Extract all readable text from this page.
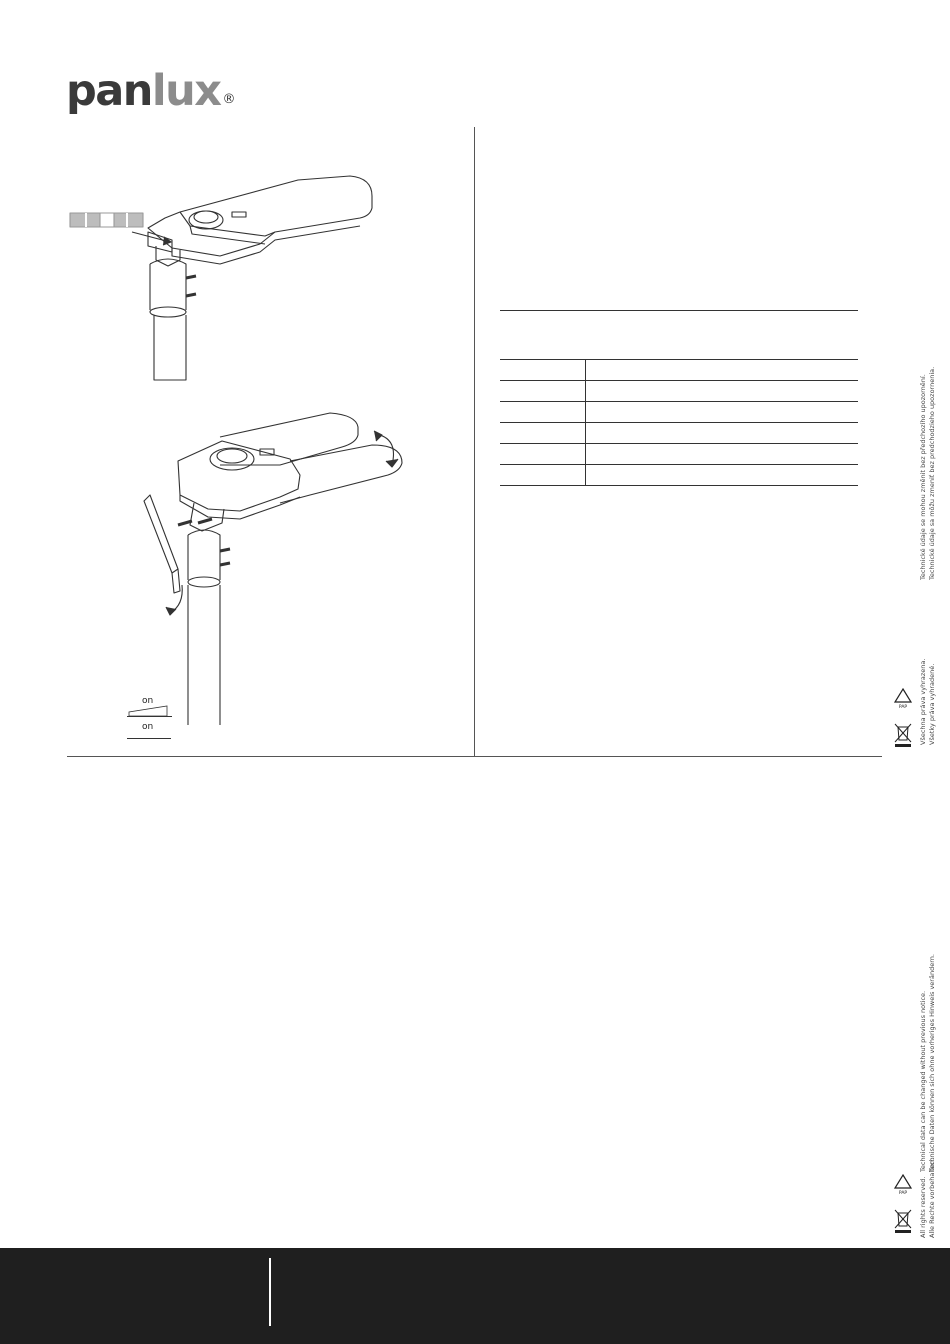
panlux ®
on
on

Technické údaje se mohou změnit bez předchozího upozornění. Technické údaje sa môžu zmeniť bez predchodzieho upozornenia.
Všechna práva vyhrazena. Všetky práva vyhradené.
PAP
Technical data can be changed without previous notice. Technische Daten können sich ohne vorheriges Hinweis verändern.
All rights reserved. Alle Rechte vorbehalten.
PAP
